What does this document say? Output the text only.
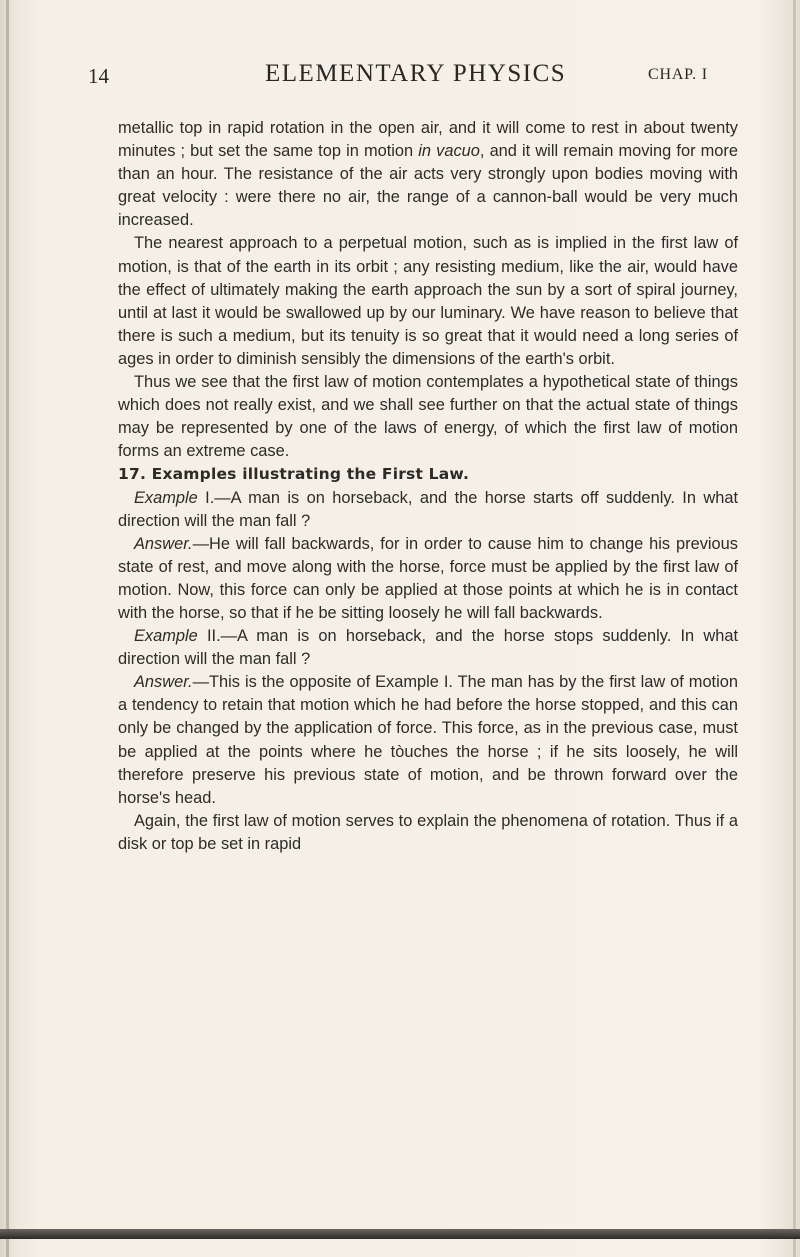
14	ELEMENTARY PHYSICS	CHAP. I

metallic top in rapid rotation in the open air, and it will come to rest in about twenty minutes ; but set the same top in motion in vacuo, and it will remain moving for more than an hour. The resistance of the air acts very strongly upon bodies moving with great velocity : were there no air, the range of a cannon-ball would be very much increased.

The nearest approach to a perpetual motion, such as is implied in the first law of motion, is that of the earth in its orbit ; any resisting medium, like the air, would have the effect of ultimately making the earth approach the sun by a sort of spiral journey, until at last it would be swallowed up by our luminary. We have reason to believe that there is such a medium, but its tenuity is so great that it would need a long series of ages in order to diminish sensibly the dimensions of the earth's orbit.

Thus we see that the first law of motion contemplates a hypothetical state of things which does not really exist, and we shall see further on that the actual state of things may be represented by one of the laws of energy, of which the first law of motion forms an extreme case.

17. Examples illustrating the First Law.

Example I.—A man is on horseback, and the horse starts off suddenly. In what direction will the man fall ?

Answer.—He will fall backwards, for in order to cause him to change his previous state of rest, and move along with the horse, force must be applied by the first law of motion. Now, this force can only be applied at those points at which he is in contact with the horse, so that if he be sitting loosely he will fall backwards.

Example II.—A man is on horseback, and the horse stops suddenly. In what direction will the man fall ?

Answer.—This is the opposite of Example I. The man has by the first law of motion a tendency to retain that motion which he had before the horse stopped, and this can only be changed by the application of force. This force, as in the previous case, must be applied at the points where he tòuches the horse ; if he sits loosely, he will therefore preserve his previous state of motion, and be thrown forward over the horse's head.

Again, the first law of motion serves to explain the phenomena of rotation. Thus if a disk or top be set in rapid
